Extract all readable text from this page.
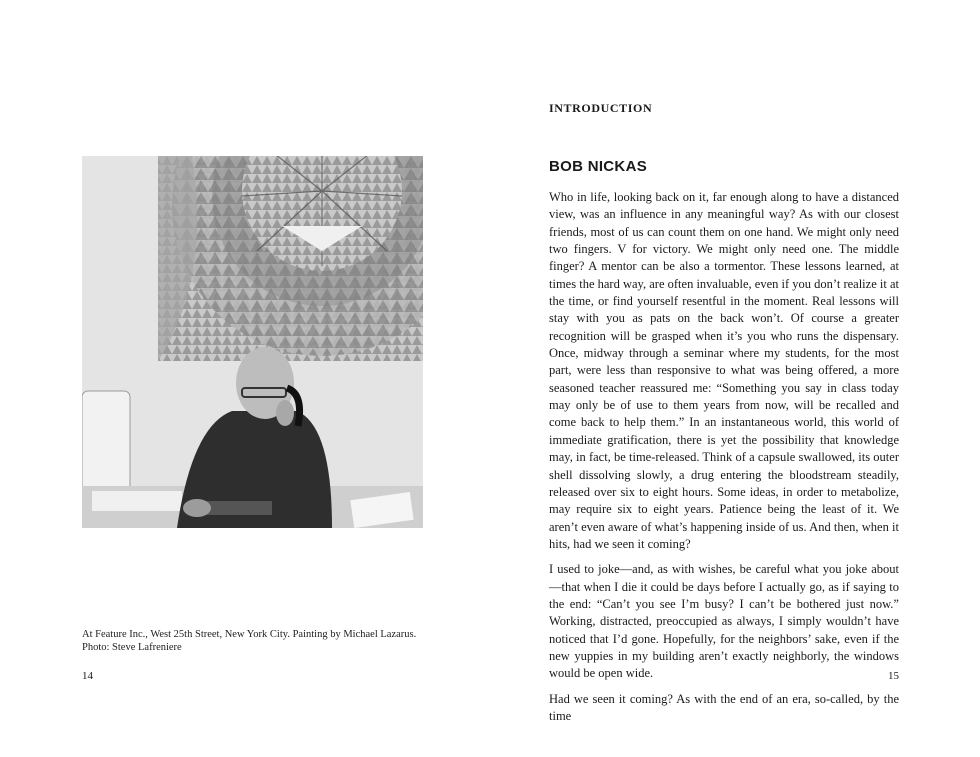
At Feature Inc., West 25th Street, New York City. Painting by Michael Lazarus.
Photo: Steve Lafreniere
14
INTRODUCTION
BOB NICKAS

Who in life, looking back on it, far enough along to have a distanced view, was an influence in any meaningful way? As with our closest friends, most of us can count them on one hand. We might only need two fingers. V for victory. We might only need one. The middle finger? A mentor can be also a tormentor. These lessons learned, at times the hard way, are often invaluable, even if you don’t realize it at the time, or find yourself resentful in the moment. Real lessons will stay with you as pats on the back won’t. Of course a greater recognition will be grasped when it’s you who runs the dispensary. Once, midway through a seminar where my students, for the most part, were less than responsive to what was being offered, a more seasoned teacher reassured me: “Something you say in class today may only be of use to them years from now, will be recalled and come back to help them.” In an instantaneous world, this world of immediate gratification, there is yet the possibility that knowledge may, in fact, be time-released. Think of a capsule swallowed, its outer shell dissolving slowly, a drug entering the bloodstream steadily, released over six to eight hours. Some ideas, in order to metabolize, may require six to eight years. Patience being the least of it. We aren’t even aware of what’s happening inside of us. And then, when it hits, had we seen it coming?

I used to joke—and, as with wishes, be careful what you joke about—that when I die it could be days before I actually go, as if saying to the end: “Can’t you see I’m busy? I can’t be bothered just now.” Working, distracted, preoccupied as always, I simply wouldn’t have noticed that I’d gone. Hopefully, for the neighbors’ sake, even if the new yuppies in my building aren’t exactly neighborly, the windows would be open wide.

Had we seen it coming? As with the end of an era, so-called, by the time

15
